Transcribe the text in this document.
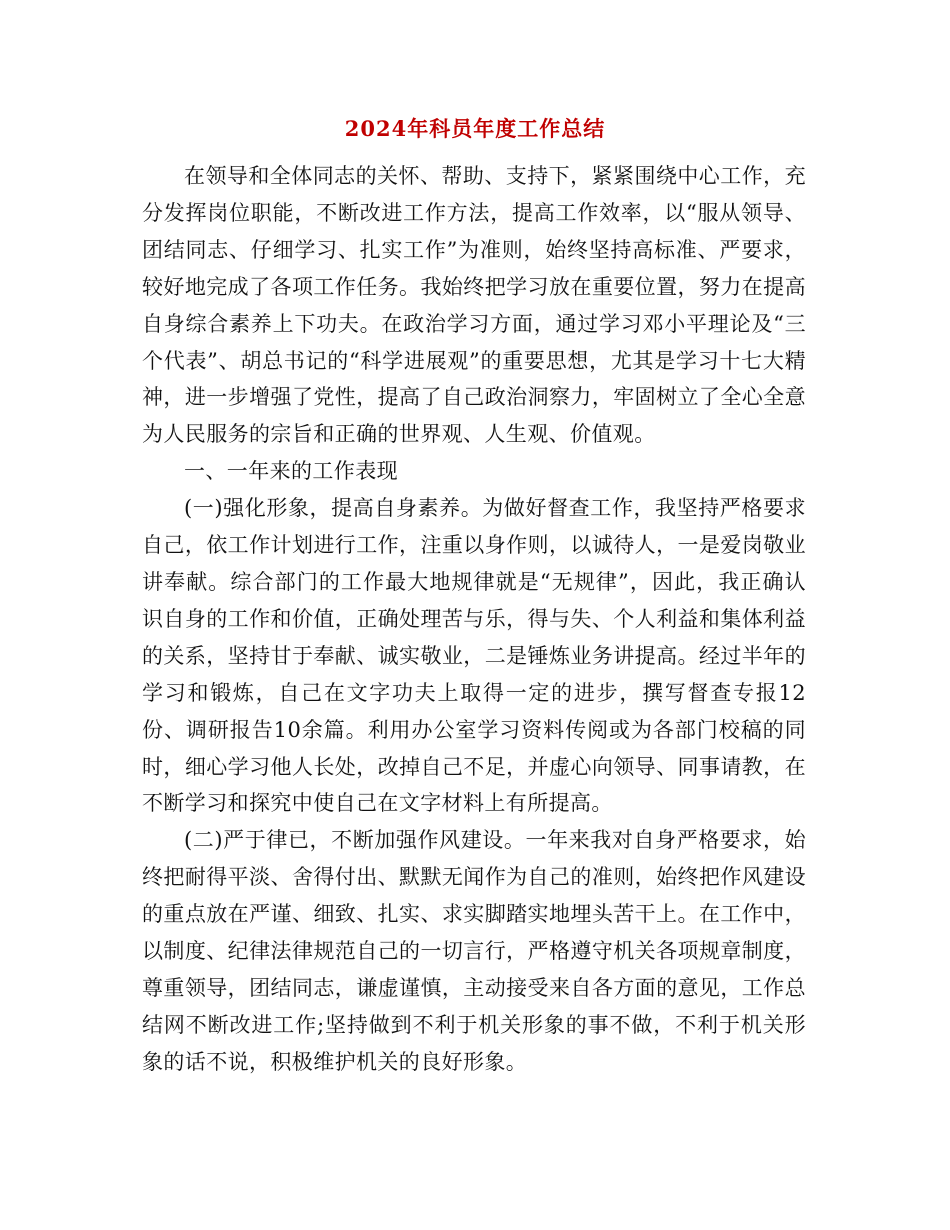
2024年科员年度工作总结

在领导和全体同志的关怀、帮助、支持下，紧紧围绕中心工作，充分发挥岗位职能，不断改进工作方法，提高工作效率，以“服从领导、团结同志、仔细学习、扎实工作”为准则，始终坚持高标准、严要求，较好地完成了各项工作任务。我始终把学习放在重要位置，努力在提高自身综合素养上下功夫。在政治学习方面，通过学习邓小平理论及“三个代表”、胡总书记的“科学进展观”的重要思想，尤其是学习十七大精神，进一步增强了党性，提高了自己政治洞察力，牢固树立了全心全意为人民服务的宗旨和正确的世界观、人生观、价值观。

一、一年来的工作表现

(一)强化形象，提高自身素养。为做好督查工作，我坚持严格要求自己，依工作计划进行工作，注重以身作则，以诚待人，一是爱岗敬业讲奉献。综合部门的工作最大地规律就是“无规律”，因此，我正确认识自身的工作和价值，正确处理苦与乐，得与失、个人利益和集体利益的关系，坚持甘于奉献、诚实敬业，二是锤炼业务讲提高。经过半年的学习和锻炼，自己在文字功夫上取得一定的进步，撰写督查专报12份、调研报告10余篇。利用办公室学习资料传阅或为各部门校稿的同时，细心学习他人长处，改掉自己不足，并虚心向领导、同事请教，在不断学习和探究中使自己在文字材料上有所提高。

(二)严于律已，不断加强作风建设。一年来我对自身严格要求，始终把耐得平淡、舍得付出、默默无闻作为自己的准则，始终把作风建设的重点放在严谨、细致、扎实、求实脚踏实地埋头苦干上。在工作中，以制度、纪律法律规范自己的一切言行，严格遵守机关各项规章制度，尊重领导，团结同志，谦虚谨慎，主动接受来自各方面的意见，工作总结网不断改进工作;坚持做到不利于机关形象的事不做，不利于机关形象的话不说，积极维护机关的良好形象。
